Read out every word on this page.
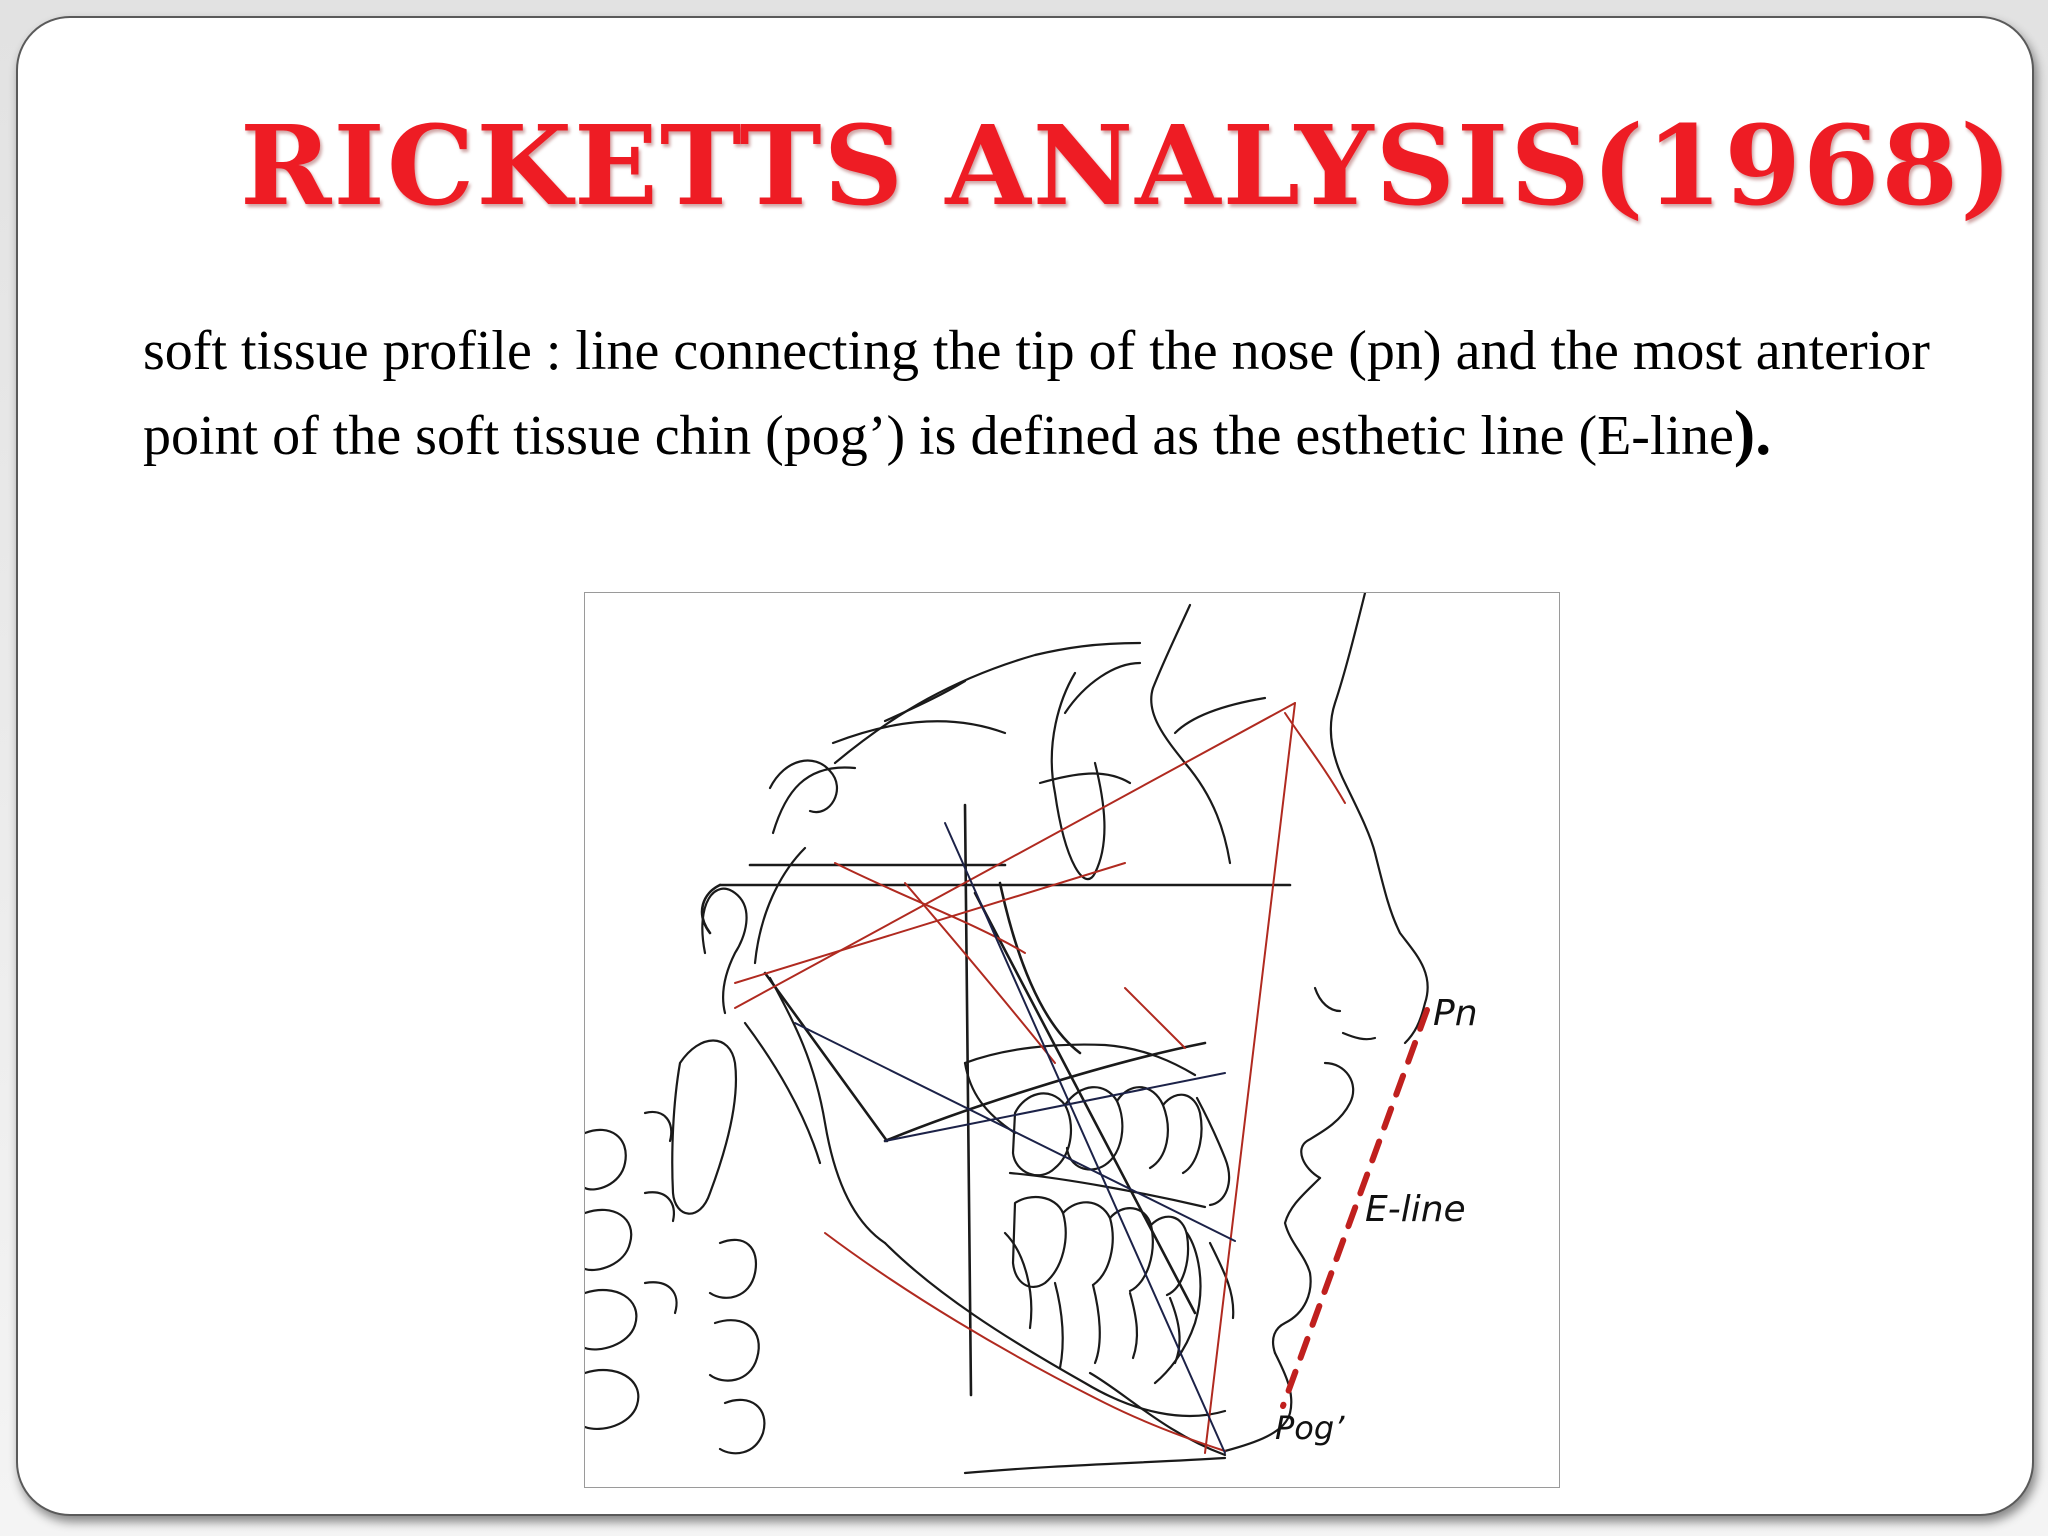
RICKETTS ANALYSIS(1968)

soft tissue profile : line connecting the tip of the nose (pn) and the most anterior point of the soft tissue chin (pog’) is defined as the esthetic line (E-line).

Pn
E-line
Pog’
